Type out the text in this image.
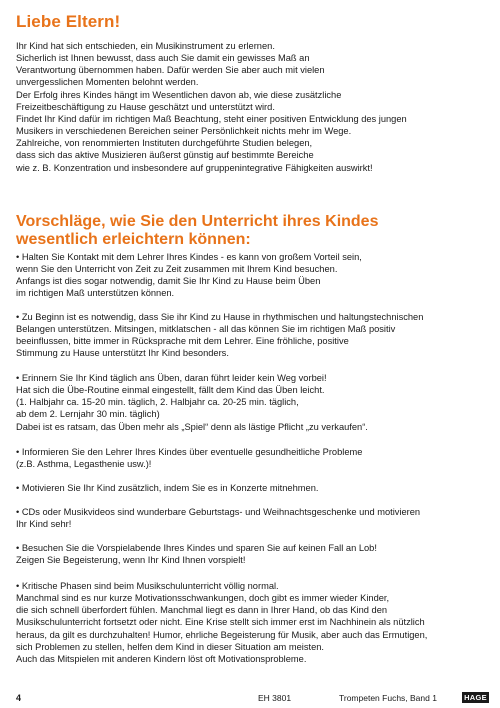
Liebe Eltern!
Ihr Kind hat sich entschieden, ein Musikinstrument zu erlernen.
Sicherlich ist Ihnen bewusst, dass auch Sie damit ein gewisses Maß an
Verantwortung übernommen haben. Dafür werden Sie aber auch mit vielen
unvergesslichen Momenten belohnt werden.
Der Erfolg ihres Kindes hängt im Wesentlichen davon ab, wie diese zusätzliche
Freizeitbeschäftigung zu Hause geschätzt und unterstützt wird.
Findet Ihr Kind dafür im richtigen Maß Beachtung, steht einer positiven Entwicklung des jungen
Musikers in verschiedenen Bereichen seiner Persönlichkeit nichts mehr im Wege.
Zahlreiche, von renommierten Instituten durchgeführte Studien belegen,
dass sich das aktive Musizieren äußerst günstig auf bestimmte Bereiche
wie z. B. Konzentration und insbesondere auf gruppenintegrative Fähigkeiten auswirkt!
Vorschläge, wie Sie den Unterricht ihres Kindes
wesentlich erleichtern können:
• Halten Sie Kontakt mit dem Lehrer Ihres Kindes - es kann von großem Vorteil sein,
wenn Sie den Unterricht von Zeit zu Zeit zusammen mit Ihrem Kind besuchen.
Anfangs ist dies sogar notwendig, damit Sie Ihr Kind zu Hause beim Üben
im richtigen Maß unterstützen können.
• Zu Beginn ist es notwendig, dass Sie ihr Kind zu Hause in rhythmischen und haltungstechnischen
Belangen unterstützen. Mitsingen, mitklatschen - all das können Sie im richtigen Maß positiv
beeinflussen, bitte immer in Rücksprache mit dem Lehrer. Eine fröhliche, positive
Stimmung zu Hause unterstützt Ihr Kind besonders.
• Erinnern Sie Ihr Kind täglich ans Üben, daran führt leider kein Weg vorbei!
Hat sich die Übe-Routine einmal eingestellt, fällt dem Kind das Üben leicht.
(1. Halbjahr ca. 15-20 min. täglich, 2. Halbjahr ca. 20-25 min. täglich,
ab dem 2. Lernjahr 30 min. täglich)
Dabei ist es ratsam, das Üben mehr als „Spiel“ denn als lästige Pflicht „zu verkaufen“.
• Informieren Sie den Lehrer Ihres Kindes über eventuelle gesundheitliche Probleme
(z.B. Asthma, Legasthenie usw.)!
• Motivieren Sie Ihr Kind zusätzlich, indem Sie es in Konzerte mitnehmen.
• CDs oder Musikvideos sind wunderbare Geburtstags- und Weihnachtsgeschenke und motivieren
Ihr Kind sehr!
• Besuchen Sie die Vorspielabende Ihres Kindes und sparen Sie auf keinen Fall an Lob!
Zeigen Sie Begeisterung, wenn Ihr Kind Ihnen vorspielt!
• Kritische Phasen sind beim Musikschulunterricht völlig normal.
Manchmal sind es nur kurze Motivationsschwankungen, doch gibt es immer wieder Kinder,
die sich schnell überfordert fühlen. Manchmal liegt es dann in Ihrer Hand, ob das Kind den
Musikschulunterricht fortsetzt oder nicht. Eine Krise stellt sich immer erst im Nachhinein als nützlich
heraus, da gilt es durchzuhalten! Humor, ehrliche Begeisterung für Musik, aber auch das Ermutigen,
sich Problemen zu stellen, helfen dem Kind in dieser Situation am meisten.
Auch das Mitspielen mit anderen Kindern löst oft Motivationsprobleme.
4	EH 3801	Trompeten Fuchs, Band 1	HAGE
